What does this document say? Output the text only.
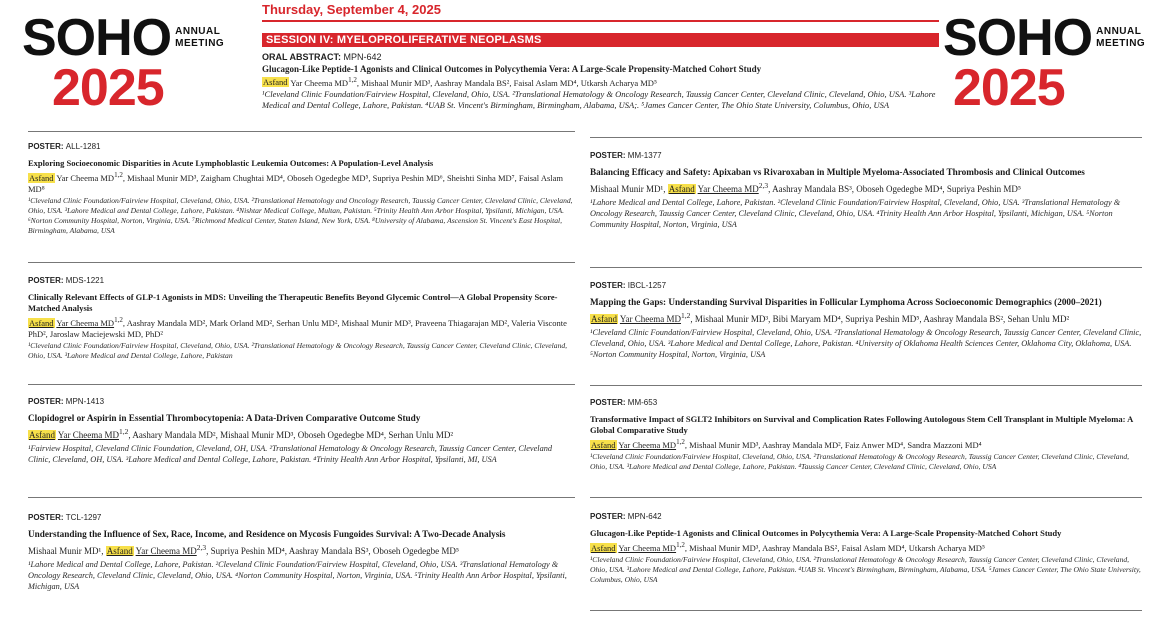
SOHO ANNUAL
MEETING
2025
SOHO ANNUAL
MEETING
2025
Thursday, September 4, 2025
SESSION IV: MYELOPROLIFERATIVE NEOPLASMS
ORAL ABSTRACT: MPN-642
Glucagon-Like Peptide-1 Agonists and Clinical Outcomes in Polycythemia Vera: A Large-Scale Propensity-Matched Cohort Study
Asfand Yar Cheema MD$^{1,2}$, Mishaal Munir MD³, Aashray Mandala BS², Faisal Aslam MD⁴, Utkarsh Acharya MD⁵
¹Cleveland Clinic Foundation/Fairview Hospital, Cleveland, Ohio, USA. ²Translational Hematology & Oncology Research, Taussig Cancer Center, Cleveland Clinic, Cleveland, Ohio, USA. ³Lahore Medical and Dental College, Lahore, Pakistan. ⁴UAB St. Vincent's Birmingham, Birmingham, Alabama, USA;. ⁵James Cancer Center, The Ohio State University, Columbus, Ohio, USA
POSTER: ALL-1281
Exploring Socioeconomic Disparities in Acute Lymphoblastic Leukemia Outcomes: A Population-Level Analysis
Asfand Yar Cheema MD$^{1,2}$, Mishaal Munir MD³, Zaigham Chughtai MD⁴, Oboseh Ogedegbe MD⁵, Supriya Peshin MD⁶, Sheishti Sinha MD⁷, Faisal Aslam MD⁸
¹Cleveland Clinic Foundation/Fairview Hospital, Cleveland, Ohio, USA. ²Translational Hematology and Oncology Research, Taussig Cancer Center, Cleveland Clinic, Cleveland, Ohio, USA. ³Lahore Medical and Dental College, Lahore, Pakistan. ⁴Nishtar Medical College, Multan, Pakistan. ⁵Trinity Health Ann Arbor Hospital, Ypsilanti, Michigan, USA. ⁶Norton Community Hospital, Norton, Virginia, USA. ⁷Richmond Medical Center, Staten Island, New York, USA. ⁸University of Alabama, Ascension St. Vincent's East Hospital, Birmingham, Alabama, USA
POSTER: MDS-1221
Clinically Relevant Effects of GLP-1 Agonists in MDS: Unveiling the Therapeutic Benefits Beyond Glycemic Control—A Global Propensity Score-Matched Analysis
Asfand Yar Cheema MD$^{1,2}$, Aashray Mandala MD², Mark Orland MD², Serhan Unlu MD², Mishaal Munir MD³, Praveena Thiagarajan MD², Valeria Visconte PhD², Jaroslaw Maciejewski MD, PhD²
¹Cleveland Clinic Foundation/Fairview Hospital, Cleveland, Ohio, USA. ²Translational Hematology & Oncology Research, Taussig Cancer Center, Cleveland Clinic, Cleveland, Ohio, USA. ³Lahore Medical and Dental College, Lahore, Pakistan
POSTER: MPN-1413
Clopidogrel or Aspirin in Essential Thrombocytopenia: A Data-Driven Comparative Outcome Study
Asfand Yar Cheema MD$^{1,2}$, Aashary Mandala MD², Mishaal Munir MD³, Oboseh Ogedegbe MD⁴, Serhan Unlu MD²
¹Fairview Hospital, Cleveland Clinic Foundation, Cleveland, OH, USA. ²Translational Hematology & Oncology Research, Taussig Cancer Center, Cleveland Clinic, Cleveland, OH, USA. ³Lahore Medical and Dental College, Lahore, Pakistan. ⁴Trinity Health Ann Arbor Hospital, Ypsilanti, MI, USA
POSTER: TCL-1297
Understanding the Influence of Sex, Race, Income, and Residence on Mycosis Fungoides Survival: A Two-Decade Analysis
Mishaal Munir MD¹, Asfand Yar Cheema MD$^{2,3}$, Supriya Peshin MD⁴, Aashray Mandala BS³, Oboseh Ogedegbe MD⁵
¹Lahore Medical and Dental College, Lahore, Pakistan. ²Cleveland Clinic Foundation/Fairview Hospital, Cleveland, Ohio, USA. ³Translational Hematology & Oncology Research, Cleveland Clinic, Cleveland, Ohio, USA. ⁴Norton Community Hospital, Norton, Virginia, USA. ⁵Trinity Health Ann Arbor Hospital, Ypsilanti, Michigan, USA
POSTER: MM-1377
Balancing Efficacy and Safety: Apixaban vs Rivaroxaban in Multiple Myeloma-Associated Thrombosis and Clinical Outcomes
Mishaal Munir MD¹, Asfand Yar Cheema MD$^{2,3}$, Aashray Mandala BS³, Oboseh Ogedegbe MD⁴, Supriya Peshin MD⁵
¹Lahore Medical and Dental College, Lahore, Pakistan. ²Cleveland Clinic Foundation/Fairview Hospital, Cleveland, Ohio, USA. ³Translational Hematology & Oncology Research, Taussig Cancer Center, Cleveland Clinic, Cleveland, Ohio, USA. ⁴Trinity Health Ann Arbor Hospital, Ypsilanti, Michigan, USA. ⁵Norton Community Hospital, Norton, Virginia, USA
POSTER: IBCL-1257
Mapping the Gaps: Understanding Survival Disparities in Follicular Lymphoma Across Socioeconomic Demographics (2000–2021)
Asfand Yar Cheema MD$^{1,2}$, Mishaal Munir MD³, Bibi Maryam MD⁴, Supriya Peshin MD⁵, Aashray Mandala BS², Sehan Unlu MD²
¹Cleveland Clinic Foundation/Fairview Hospital, Cleveland, Ohio, USA. ²Translational Hematology & Oncology Research, Taussig Cancer Center, Cleveland Clinic, Cleveland, Ohio, USA. ³Lahore Medical and Dental College, Lahore, Pakistan. ⁴University of Oklahoma Health Sciences Center, Oklahoma City, Oklahoma, USA. ⁵Norton Community Hospital, Norton, Virginia, USA
POSTER: MM-653
Transformative Impact of SGLT2 Inhibitors on Survival and Complication Rates Following Autologous Stem Cell Transplant in Multiple Myeloma: A Global Comparative Study
Asfand Yar Cheema MD$^{1,2}$, Mishaal Munir MD³, Aashray Mandala MD², Faiz Anwer MD⁴, Sandra Mazzoni MD⁴
¹Cleveland Clinic Foundation/Fairview Hospital, Cleveland, Ohio, USA. ²Translational Hematology & Oncology Research, Taussig Cancer Center, Cleveland Clinic, Cleveland, Ohio, USA. ³Lahore Medical and Dental College, Lahore, Pakistan. ⁴Taussig Cancer Center, Cleveland Clinic, Cleveland, Ohio, USA
POSTER: MPN-642
Glucagon-Like Peptide-1 Agonists and Clinical Outcomes in Polycythemia Vera: A Large-Scale Propensity-Matched Cohort Study
Asfand Yar Cheema MD$^{1,2}$, Mishaal Munir MD³, Aashray Mandala BS², Faisal Aslam MD⁴, Utkarsh Acharya MD⁵
¹Cleveland Clinic Foundation/Fairview Hospital, Cleveland, Ohio, USA. ²Translational Hematology & Oncology Research, Taussig Cancer Center, Cleveland Clinic, Cleveland, Ohio, USA. ³Lahore Medical and Dental College, Lahore, Pakistan. ⁴UAB St. Vincent's Birmingham, Birmingham, Alabama, USA. ⁵James Cancer Center, The Ohio State University, Columbus, Ohio, USA
